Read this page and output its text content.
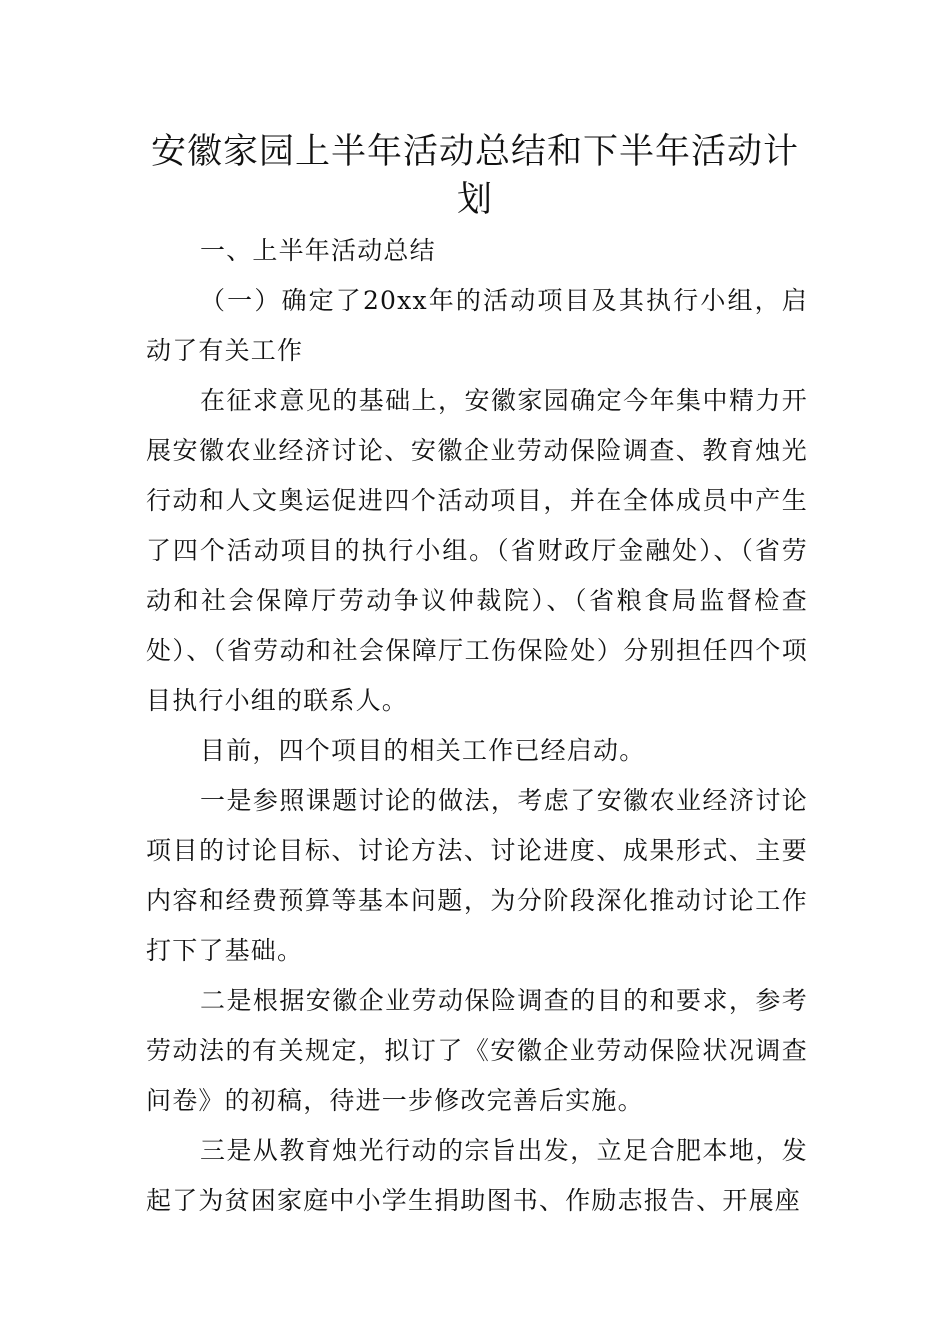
安徽家园上半年活动总结和下半年活动计划

一、上半年活动总结

（一）确定了20xx年的活动项目及其执行小组，启动了有关工作

在征求意见的基础上，安徽家园确定今年集中精力开展安徽农业经济讨论、安徽企业劳动保险调查、教育烛光行动和人文奥运促进四个活动项目，并在全体成员中产生了四个活动项目的执行小组。（省财政厅金融处）、（省劳动和社会保障厅劳动争议仲裁院）、（省粮食局监督检查处）、（省劳动和社会保障厅工伤保险处）分别担任四个项目执行小组的联系人。

目前，四个项目的相关工作已经启动。

一是参照课题讨论的做法，考虑了安徽农业经济讨论项目的讨论目标、讨论方法、讨论进度、成果形式、主要内容和经费预算等基本问题，为分阶段深化推动讨论工作打下了基础。

二是根据安徽企业劳动保险调查的目的和要求，参考劳动法的有关规定，拟订了《安徽企业劳动保险状况调查问卷》的初稿，待进一步修改完善后实施。

三是从教育烛光行动的宗旨出发，立足合肥本地，发起了为贫困家庭中小学生捐助图书、作励志报告、开展座
